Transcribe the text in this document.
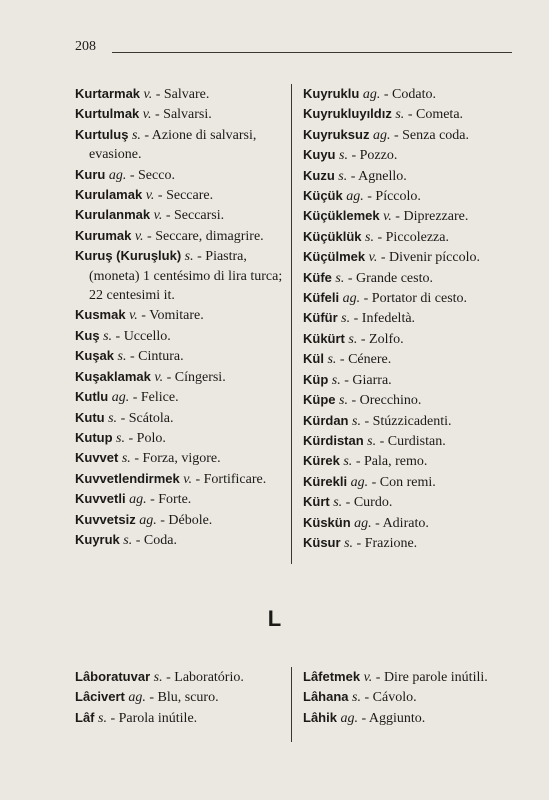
208
Kurtarmak v. - Salvare.
Kurtulmak v. - Salvarsi.
Kurtuluş s. - Azione di salvarsi, evasione.
Kuru ag. - Secco.
Kurulamak v. - Seccare.
Kurulanmak v. - Seccarsi.
Kurumak v. - Seccare, dimagrire.
Kuruş (Kuruşluk) s. - Piastra, (moneta) 1 centésimo di lira turca; 22 centesimi it.
Kusmak v. - Vomitare.
Kuş s. - Uccello.
Kuşak s. - Cintura.
Kuşaklamak v. - Cíngersi.
Kutlu ag. - Felice.
Kutu s. - Scátola.
Kutup s. - Polo.
Kuvvet s. - Forza, vigore.
Kuvvetlendirmek v. - Fortificare.
Kuvvetli ag. - Forte.
Kuvvetsiz ag. - Débole.
Kuyruk s. - Coda.
Kuyruklu ag. - Codato.
Kuyrukluyıldız s. - Cometa.
Kuyruksuz ag. - Senza coda.
Kuyu s. - Pozzo.
Kuzu s. - Agnello.
Küçük ag. - Píccolo.
Küçüklemek v. - Diprezzare.
Küçüklük s. - Piccolezza.
Küçülmek v. - Divenir píccolo.
Küfe s. - Grande cesto.
Küfeli ag. - Portator di cesto.
Küfür s. - Infedeltà.
Kükürt s. - Zolfo.
Kül s. - Cénere.
Küp s. - Giarra.
Küpe s. - Orecchino.
Kürdan s. - Stúzzicadenti.
Kürdistan s. - Curdistan.
Kürek s. - Pala, remo.
Kürekli ag. - Con remi.
Kürt s. - Curdo.
Küskün ag. - Adirato.
Küsur s. - Frazione.
L
Lâboratuvar s. - Laboratório.
Lâcivert ag. - Blu, scuro.
Lâf s. - Parola inútile.
Lâfetmek v. - Dire parole inútili.
Lâhana s. - Cávolo.
Lâhik ag. - Aggiunto.
